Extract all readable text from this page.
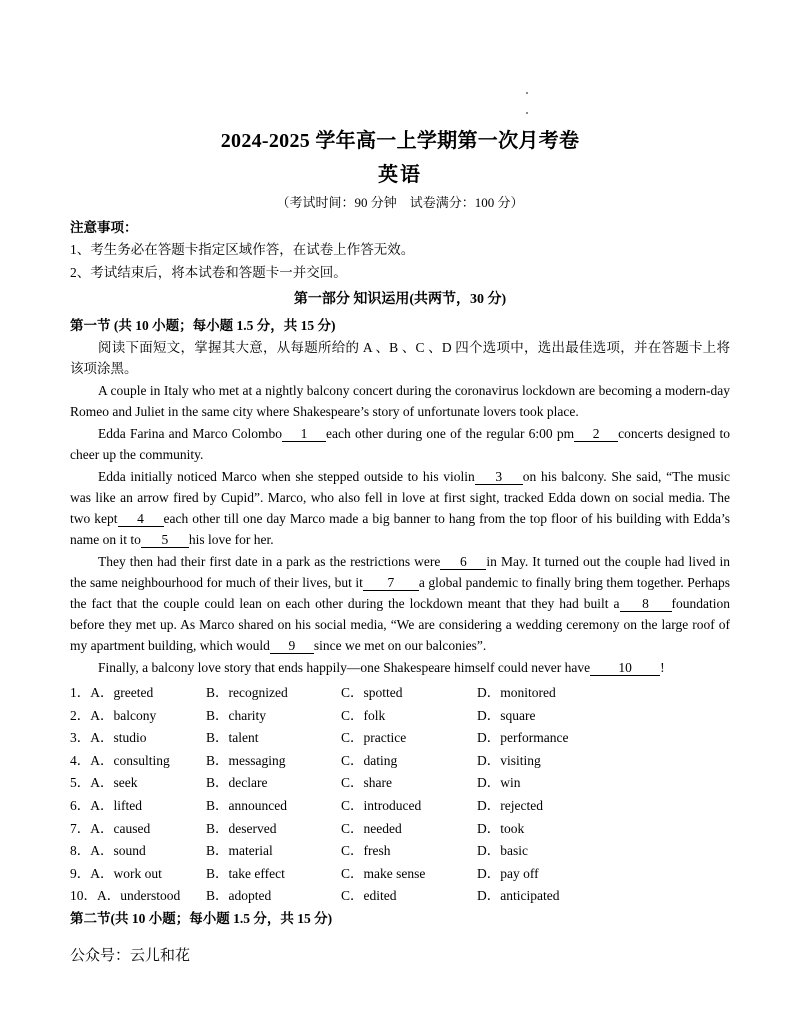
2024-2025 学年高一上学期第一次月考卷
英语
（考试时间：90 分钟　试卷满分：100 分）
注意事项：
1、考生务必在答题卡指定区域作答，在试卷上作答无效。
2、考试结束后，将本试卷和答题卡一并交回。
第一部分 知识运用(共两节，30 分)
第一节 (共 10 小题；每小题 1.5 分，共 15 分)

阅读下面短文，掌握其大意，从每题所给的 A 、B 、C 、D 四个选项中，选出最佳选项，并在答题卡上将该项涂黑。

A couple in Italy who met at a nightly balcony concert during the coronavirus lockdown are becoming a modern-day Romeo and Juliet in the same city where Shakespeare’s story of unfortunate lovers took place.

Edda Farina and Marco Colombo 1 each other during one of the regular 6:00 pm 2 concerts designed to cheer up the community.

Edda initially noticed Marco when she stepped outside to his violin 3 on his balcony. She said, “The music was like an arrow fired by Cupid”. Marco, who also fell in love at first sight, tracked Edda down on social media. The two kept 4 each other till one day Marco made a big banner to hang from the top floor of his building with Edda’s name on it to 5 his love for her.

They then had their first date in a park as the restrictions were 6 in May. It turned out the couple had lived in the same neighbourhood for much of their lives, but it 7 a global pandemic to finally bring them together. Perhaps the fact that the couple could lean on each other during the lockdown meant that they had built a 8 foundation before they met up. As Marco shared on his social media, “We are considering a wedding ceremony on the large roof of my apartment building, which would 9 since we met on our balconies”.

Finally, a balcony love story that ends happily—one Shakespeare himself could never have 10 !

1．A．greeted	B．recognized	C．spotted	D．monitored
2．A．balcony	B．charity	C．folk	D．square
3．A．studio	B．talent	C．practice	D．performance
4．A．consulting	B．messaging	C．dating	D．visiting
5．A．seek	B．declare	C．share	D．win
6．A．lifted	B．announced	C．introduced	D．rejected
7．A．caused	B．deserved	C．needed	D．took
8．A．sound	B．material	C．fresh	D．basic
9．A．work out	B．take effect	C．make sense	D．pay off
10．A．understood B．adopted	C．edited	D．anticipated
第二节(共 10 小题；每小题 1.5 分，共 15 分)
公众号：云儿和花
